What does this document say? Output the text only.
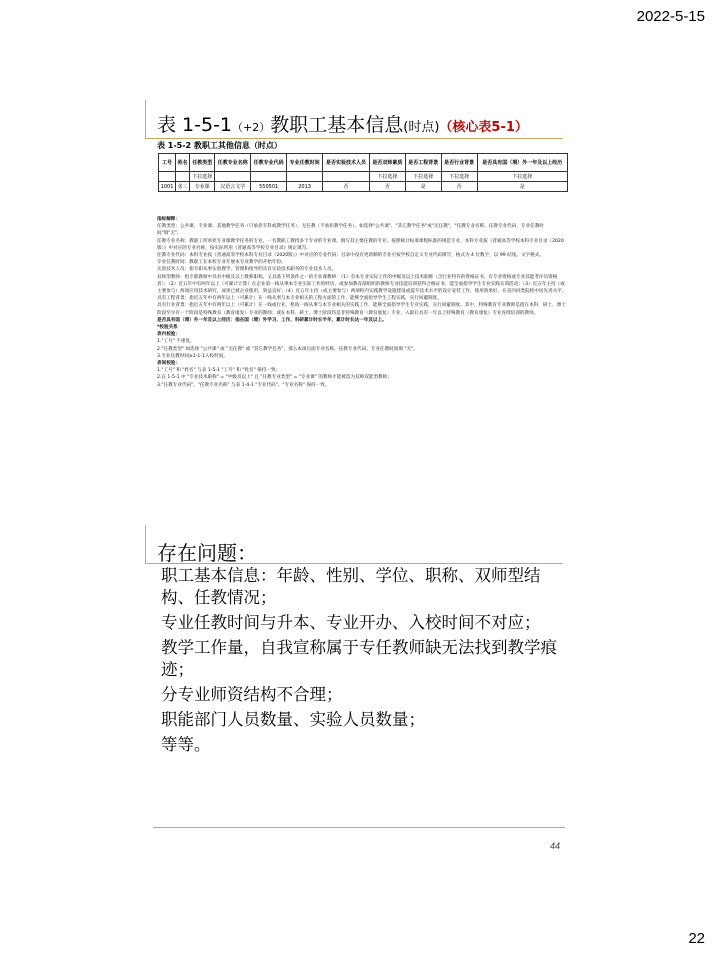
2022-5-15
表 1-5-1（+2）教职工基本信息(时点)（核心表5-1）
表 1-5-2 教职工其他信息（时点）
工号	姓名	任教类型	任教专业名称	任教专业代码	专业任教时间	是否实验技术人员	是否双师素质	是否工程背景	是否行业背景	是否具有国（境）外一年及以上经历
		下拉选择					下拉选择	下拉选择	下拉选择	下拉选择
1001	张三	专业课	汉语言文学	550501	2013	否	否	是	否	是

指标解释：

任教类型：公共课、专业课、其他教学任务（只承担专科或教学任务）、无任教（不承担教学任务）。如选择"公共课"、"其它教学任务"或"无任教"，"任教专业名称、任教专业代码、专业任教时间"填"无"。

任教专业名称：教职工所承担专业课教学任务的专业，一名教职工教授多个专业的专业课，填写其主要任教的专业。按照统计标准课程标准的规范专业，本科专业按《普通高等学校本科专业目录（2020版）》中对应的专业名称，按实际所用《普通高等学校专业目录》规定填写。

任教专业代码：本科专业按《普通高等学校本科专业目录（2020版）》中对应的专业代码；目录中没有更新顺的专业可按学校自定义专业代码填写，格式为 4 位数字，以 99 结尾。文字格式。

专业任教时间：教职工在本校专业开展本专业教学的开始年份。

实验技术人员：指专职从事实验教学、管理和指导的具有实验技术职务的专业技术人员。

双师型教师：指专职教师中具有中级及以上教师职称，又具备下列条件之一的专业课教师：（1）有本专业实际工作的中级及以上技术职称（含行业特许的资格证书，有专业资格或专业技能考评员资格者）；（2）近五年中有两年以上（可累计计算）在企业第一线从事本专业实际工作的经历，或参加教育部组织的教师专业技能培训获得合格证书，能全面指导学生专业实践实训活动；（3）近五年主持（或主要参与）两项应用技术研究，成果已被企业使用，效益良好；（4）近五年主持（或主要参与）两项校内实践教学设施建设或提升技术水平的设计安装工作，使用效果好，在省内同类院校中居先进水平。

具有工程背景：指近五年中有两年以上（可累计）在一线从事与本专业相关的工程方面的工作，能够全面指导学生工程实践，实行回避制度。

具有行业背景：指近五年中有两年以上（可累计）在一线或行业、机构一线从事与本专业相关的实践工作，能够全面指导学生专业实践，实行回避制度。其中，特殊教育专业教师是指在本科、研士、博士阶段至少有一个阶段是特殊教育（教育康复）专业的教师；或在本科、研士、博士阶段均是非特殊教育（教育康复）专业，入职后具有一年以上特殊教育（教育康复）专业连续培训的教师。

是否具有国（境）外一年及以上经历：指在国（境）外学习、工作、科研累计时长半年，累计时长达一年及以上。

*校验关系

表内校验：

1."工号" 不重复。

2."任教类型" 如选择 "公共课" 或 "无任教" 或 "其它教学任务"，那么本项后面专业名称、任教专业代码、专业任教时间填 "无"。

3.专业任教时间≥1-1-1入校时间。

表间校验：

1."工号" 和 "姓名" 与表 1-5-1 "工号" 和 "姓名" 保持一致；

2.在 1-5-1 中 "专业技术职称" = "中级及以上" 且 "任教专业类型" = "专业课" 的教师才能被选为双师双能型教师；

3."任教专业代码"、"任教专业名称" 与表 1-4-1 "专业代码"、"专业名称" 保持一致。

存在问题：

职工基本信息：年龄、性别、学位、职称、双师型结构、任教情况；

专业任教时间与升本、专业开办、入校时间不对应；

教学工作量，自我宣称属于专任教师缺无法找到教学痕迹；

分专业师资结构不合理；

职能部门人员数量、实验人员数量；

等等。

44
22
